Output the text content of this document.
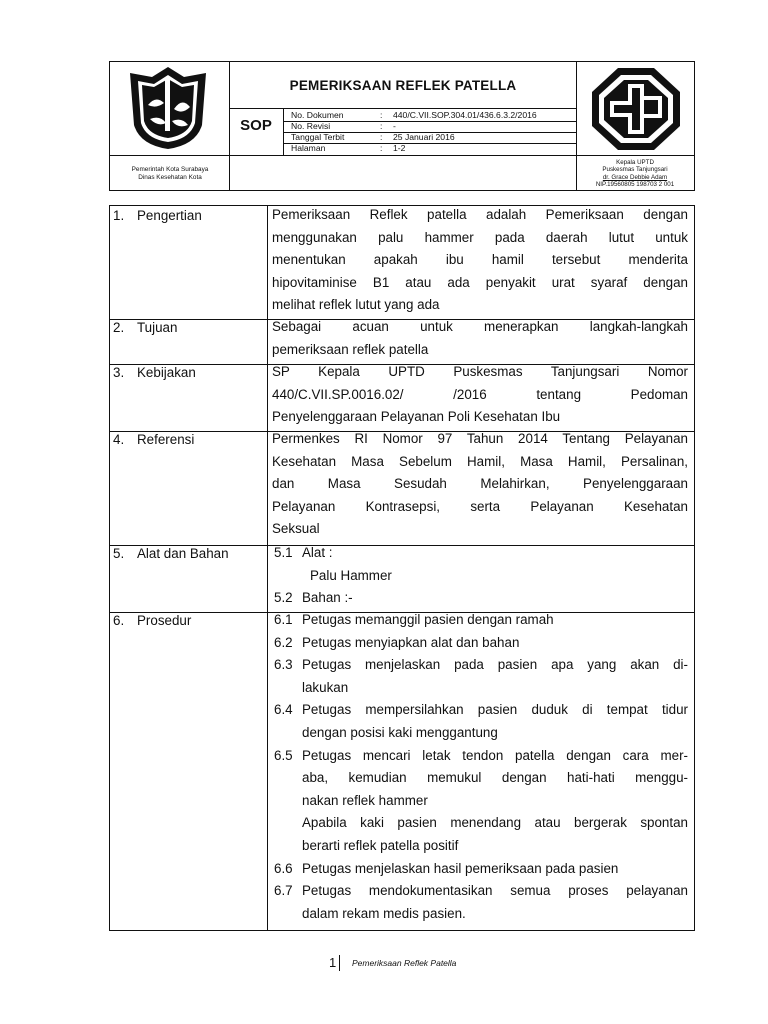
PEMERIKSAAN REFLEK PATELLA
SOP
No. Dokumen	: 440/C.VII.SOP.304.01/436.6.3.2/2016
No. Revisi	: -
Tanggal Terbit	: 25 Januari 2016
Halaman	: 1-2
Pemerintah Kota Surabaya
Dinas Kesehatan Kota
Kepala UPTD
Puskesmas Tanjungsari
dr. Grace Debbie Adam
NIP.19560805 198703 2 001
1. Pengertian	Pemeriksaan Reflek patella adalah Pemeriksaan dengan
menggunakan palu hammer pada daerah lutut untuk
menentukan apakah ibu hamil tersebut menderita
hipovitaminise B1 atau ada penyakit urat syaraf dengan
melihat reflek lutut yang ada
2. Tujuan	Sebagai acuan untuk menerapkan langkah-langkah
pemeriksaan reflek patella
3. Kebijakan	SP Kepala UPTD Puskesmas Tanjungsari Nomor
440/C.VII.SP.0016.02/ /2016 tentang Pedoman
Penyelenggaraan Pelayanan Poli Kesehatan Ibu
4. Referensi	Permenkes RI Nomor 97 Tahun 2014 Tentang Pelayanan
Kesehatan Masa Sebelum Hamil, Masa Hamil, Persalinan,
dan Masa Sesudah Melahirkan, Penyelenggaraan
Pelayanan Kontrasepsi, serta Pelayanan Kesehatan
Seksual
5. Alat dan Bahan	5.1 Alat :
Palu Hammer
5.2 Bahan :-
6. Prosedur	6.1 Petugas memanggil pasien dengan ramah
6.2 Petugas menyiapkan alat dan bahan
6.3 Petugas menjelaskan pada pasien apa yang akan di-
lakukan
6.4 Petugas mempersilahkan pasien duduk di tempat tidur
dengan posisi kaki menggantung
6.5 Petugas mencari letak tendon patella dengan cara mer-
aba, kemudian memukul dengan hati-hati menggu-
nakan reflek hammer
Apabila kaki pasien menendang atau bergerak spontan
berarti reflek patella positif
6.6 Petugas menjelaskan hasil pemeriksaan pada pasien
6.7 Petugas mendokumentasikan semua proses pelayanan
dalam rekam medis pasien.
1 Pemeriksaan Reflek Patella
